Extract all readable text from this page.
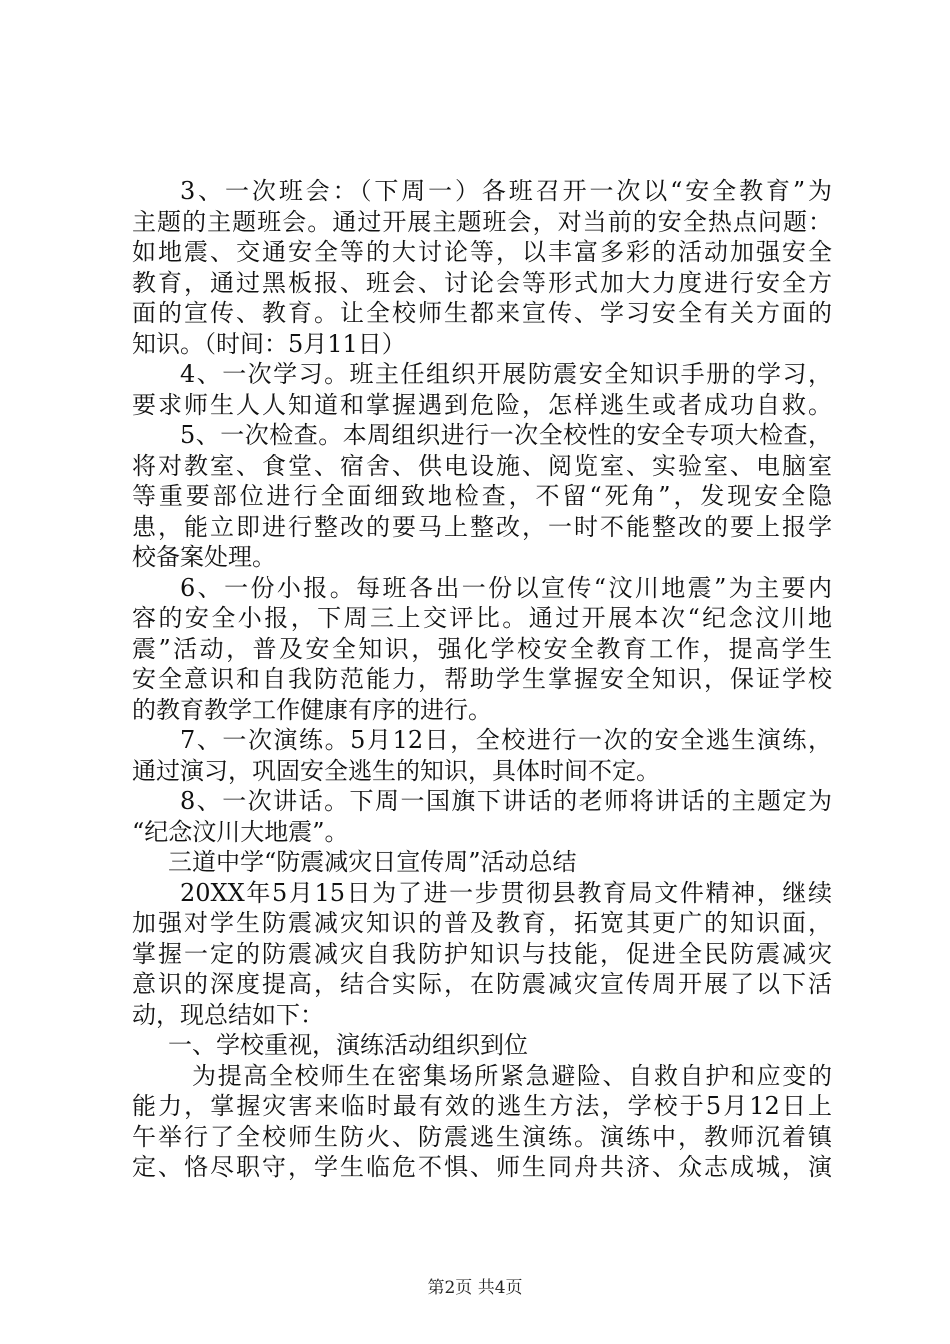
3、一次班会：（下周一）各班召开一次以“安全教育”为
主题的主题班会。通过开展主题班会，对当前的安全热点问题：
如地震、交通安全等的大讨论等，以丰富多彩的活动加强安全
教育，通过黑板报、班会、讨论会等形式加大力度进行安全方
面的宣传、教育。让全校师生都来宣传、学习安全有关方面的
知识。（时间：5月11日）
4、一次学习。班主任组织开展防震安全知识手册的学习，
要求师生人人知道和掌握遇到危险，怎样逃生或者成功自救。
5、一次检查。本周组织进行一次全校性的安全专项大检查，
将对教室、食堂、宿舍、供电设施、阅览室、实验室、电脑室
等重要部位进行全面细致地检查，不留“死角”，发现安全隐
患，能立即进行整改的要马上整改，一时不能整改的要上报学
校备案处理。
6、一份小报。每班各出一份以宣传“汶川地震”为主要内
容的安全小报，下周三上交评比。通过开展本次“纪念汶川地
震”活动，普及安全知识，强化学校安全教育工作，提高学生
安全意识和自我防范能力，帮助学生掌握安全知识，保证学校
的教育教学工作健康有序的进行。
7、一次演练。5月12日，全校进行一次的安全逃生演练，
通过演习，巩固安全逃生的知识，具体时间不定。
8、一次讲话。下周一国旗下讲话的老师将讲话的主题定为
“纪念汶川大地震”。
三道中学“防震减灾日宣传周”活动总结
20XX年5月15日为了进一步贯彻县教育局文件精神，继续
加强对学生防震减灾知识的普及教育，拓宽其更广的知识面，
掌握一定的防震减灾自我防护知识与技能，促进全民防震减灾
意识的深度提高，结合实际，在防震减灾宣传周开展了以下活
动，现总结如下：
一、学校重视，演练活动组织到位
为提高全校师生在密集场所紧急避险、自救自护和应变的
能力，掌握灾害来临时最有效的逃生方法，学校于5月12日上
午举行了全校师生防火、防震逃生演练。演练中，教师沉着镇
定、恪尽职守，学生临危不惧、师生同舟共济、众志成城，演
第2页 共4页
